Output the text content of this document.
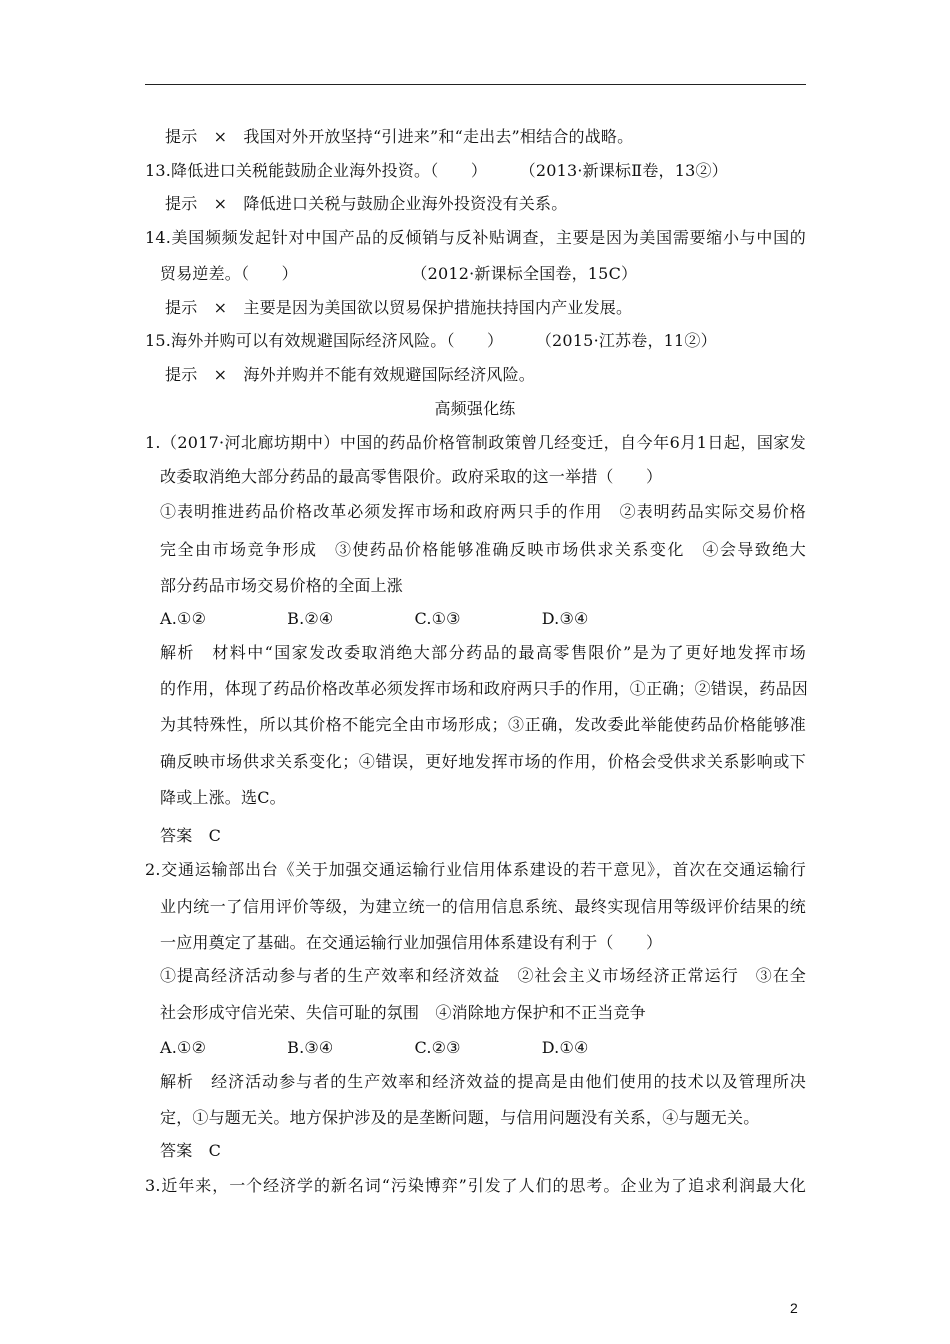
提示　×　我国对外开放坚持“引进来”和“走出去”相结合的战略。
13.降低进口关税能鼓励企业海外投资。（　　）　　　（2013·新课标Ⅱ卷，13②）
提示　×　降低进口关税与鼓励企业海外投资没有关系。
14.美国频频发起针对中国产品的反倾销与反补贴调查，主要是因为美国需要缩小与中国的
贸易逆差。（　　）　　　　　　　　（2012·新课标全国卷，15C）
提示　×　主要是因为美国欲以贸易保护措施扶持国内产业发展。
15.海外并购可以有效规避国际经济风险。（　　）　　　（2015·江苏卷，11②）
提示　×　海外并购并不能有效规避国际经济风险。
高频强化练
1.（2017·河北廊坊期中）中国的药品价格管制政策曾几经变迁，自今年6月1日起，国家发
改委取消绝大部分药品的最高零售限价。政府采取的这一举措（　　）
①表明推进药品价格改革必须发挥市场和政府两只手的作用　②表明药品实际交易价格
完全由市场竞争形成　③使药品价格能够准确反映市场供求关系变化　④会导致绝大
部分药品市场交易价格的全面上涨
A.①②　　　　　B.②④　　　　　C.①③　　　　　D.③④
解析　材料中“国家发改委取消绝大部分药品的最高零售限价”是为了更好地发挥市场
的作用，体现了药品价格改革必须发挥市场和政府两只手的作用，①正确；②错误，药品因
为其特殊性，所以其价格不能完全由市场形成；③正确，发改委此举能使药品价格能够准
确反映市场供求关系变化；④错误，更好地发挥市场的作用，价格会受供求关系影响或下
降或上涨。选C。
答案　C
2.交通运输部出台《关于加强交通运输行业信用体系建设的若干意见》，首次在交通运输行
业内统一了信用评价等级，为建立统一的信用信息系统、最终实现信用等级评价结果的统
一应用奠定了基础。在交通运输行业加强信用体系建设有利于（　　）
①提高经济活动参与者的生产效率和经济效益　②社会主义市场经济正常运行　③在全
社会形成守信光荣、失信可耻的氛围　④消除地方保护和不正当竞争
A.①②　　　　　B.③④　　　　　C.②③　　　　　D.①④
解析　经济活动参与者的生产效率和经济效益的提高是由他们使用的技术以及管理所决
定，①与题无关。地方保护涉及的是垄断问题，与信用问题没有关系，④与题无关。
答案　C
3.近年来，一个经济学的新名词“污染博弈”引发了人们的思考。企业为了追求利润最大化
2
